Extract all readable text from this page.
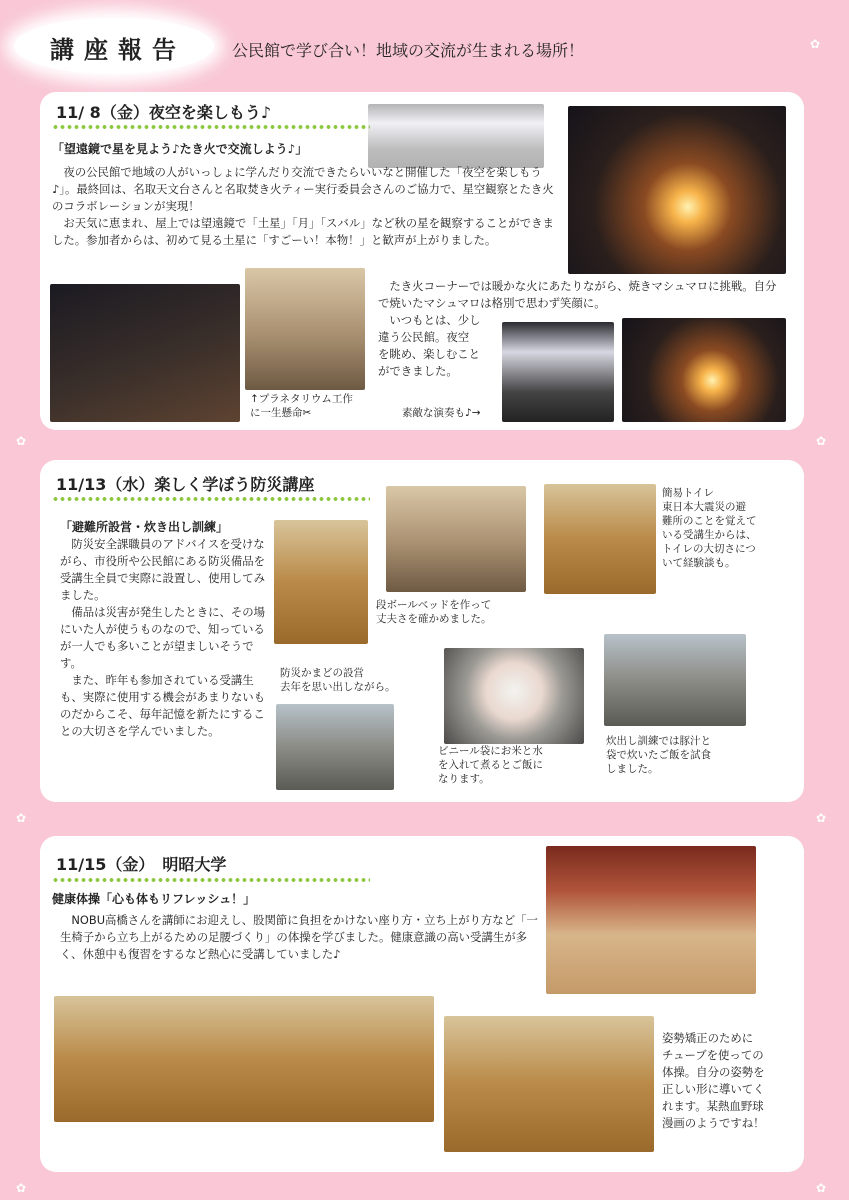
講座報告	公民館で学び合い！地域の交流が生まれる場所！	✿
✿	✿
✿	✿
✿	✿
11/ 8（金）夜空を楽しもう♪
「望遠鏡で星を見よう♪たき火で交流しよう♪」

　夜の公民館で地域の人がいっしょに学んだり交流できたらいいなと開催した「夜空を楽しもう♪」。最終回は、名取天文台さんと名取焚き火ティー実行委員会さんのご協力で、星空観察とたき火のコラボレーションが実現！
　お天気に恵まれ、屋上では望遠鏡で「土星」「月」「スバル」など秋の星を観察することができました。参加者からは、初めて見る土星に「すごーい！本物！」と歓声が上がりました。

↑プラネタリウム工作
に一生懸命✂

　たき火コーナーでは暖かな火にあたりながら、焼きマシュマロに挑戦。自分で焼いたマシュマロは格別で思わず笑顔に。
　いつもとは、少し
違う公民館。夜空
を眺め、楽しむこと
ができました。

素敵な演奏も♪→
11/13（水）楽しく学ぼう防災講座
「避難所設営・炊き出し訓練」

　防災安全課職員のアドバイスを受けながら、市役所や公民館にある防災備品を受講生全員で実際に設置し、使用してみました。
　備品は災害が発生したときに、その場にいた人が使うものなので、知っているが一人でも多いことが望ましいそうです。
　また、昨年も参加されている受講生も、実際に使用する機会があまりないものだからこそ、毎年記憶を新たにすることの大切さを学んでいました。

段ボールベッドを作って
丈夫さを確かめました。
簡易トイレ
東日本大震災の避
難所のことを覚えて
いる受講生からは、
トイレの大切さにつ
いて経験談も。
防災かまどの設営
去年を思い出しながら。
ビニール袋にお米と水
を入れて煮るとご飯に
なります。
炊出し訓練では豚汁と
袋で炊いたご飯を試食
しました。
11/15（金）　明昭大学
健康体操「心も体もリフレッシュ！」

　NOBU高橋さんを講師にお迎えし、股関節に負担をかけない座り方・立ち上がり方など「一生椅子から立ち上がるための足腰づくり」の体操を学びました。健康意識の高い受講生が多く、休憩中も復習をするなど熱心に受講していました♪

姿勢矯正のために
チューブを使っての
体操。自分の姿勢を
正しい形に導いてく
れます。某熱血野球
漫画のようですね！
